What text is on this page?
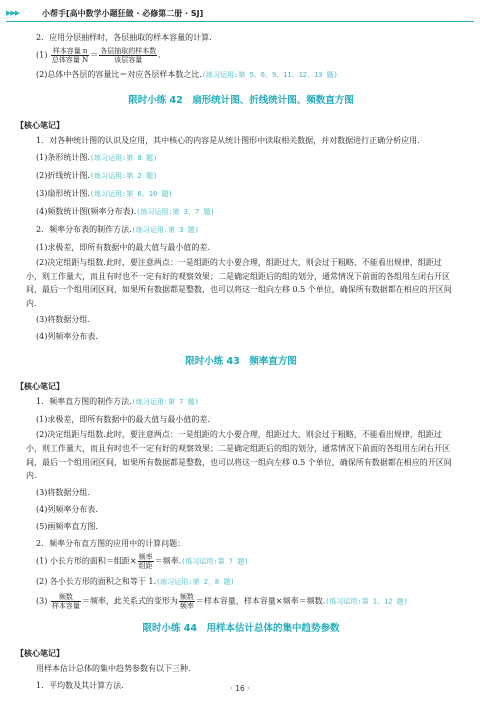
▶▶▶	小帮手[高中数学小题狂做 · 必修第二册 · SJ]
2．应用分层抽样时，各层抽取的样本容量的计算.
$(1) \frac{\text{样本容量 n}}{\text{总体容量 N}} = \frac{\text{各层抽取的样本数}}{\text{该层容量}}$ .
(2)总体中各层的容量比＝对应各层样本数之比.(练习运用:第 5、6、9、11、12、13 题)
限时小练 42　扇形统计图、折线统计图、频数直方图
【核心笔记】
1．对各种统计图的认识及应用，其中核心的内容是从统计图形中读取相关数据，并对数据进行正确分析应用.
(1)条形统计图.(练习运用:第 8 题)
(2)折线统计图.(练习运用:第 2 题)
(3)扇形统计图.(练习运用:第 6、10 题)
(4)频数统计图(频率分布表).(练习运用:第 3、7 题)
2．频率分布表的制作方法.(练习运用:第 3 题)
(1)求极差，即所有数据中的最大值与最小值的差.
(2)决定组距与组数.此时，要注意两点：一是组距的大小要合理，组距过大，则会过于粗略，不能看出规律，组距过小，则工作量大，而且有时也不一定有好的观察效果；二是确定组距后的组的划分，通常情况下前面的各组用左闭右开区间，最后一个组用闭区间，如果所有数据都是整数，也可以将这一组向左移 0.5 个单位，确保所有数据都在相应的开区间内.
(3)将数据分组.
(4)列频率分布表.
限时小练 43　频率直方图
【核心笔记】
1．频率直方图的制作方法.(练习运用:第 7 题)
(1)求极差，即所有数据中的最大值与最小值的差.
(2)决定组距与组数.此时，要注意两点：一是组距的大小要合理，组距过大，则会过于粗略，不能看出规律，组距过小，则工作量大，而且有时也不一定有好的观察效果；二是确定组距后的组的划分，通常情况下前面的各组用左闭右开区间，最后一个组用闭区间，如果所有数据都是整数，也可以将这一组向左移 0.5 个单位，确保所有数据都在相应的开区间内.
(3)将数据分组.
(4)列频率分布表.
(5)画频率直方图.
2．频率分布直方图的应用中的计算问题：
(1) 小长方形的面积＝组距× $\frac{\text{频率}}{\text{组距}}$ ＝频率.(练习运用:第 7 题)
(2) 各小长方形的面积之和等于 1.(练习运用:第 2、8 题)
$(3) \frac{\text{频数}}{\text{样本容量}}$ ＝频率，此关系式的变形为 $\frac{\text{频数}}{\text{频率}}$ ＝样本容量，样本容量×频率＝频数.(练习运用:第 1、12 题)
限时小练 44　用样本估计总体的集中趋势参数
【核心笔记】
用样本估计总体的集中趋势参数有以下三种.
1．平均数及其计算方法.	· 16 ·
